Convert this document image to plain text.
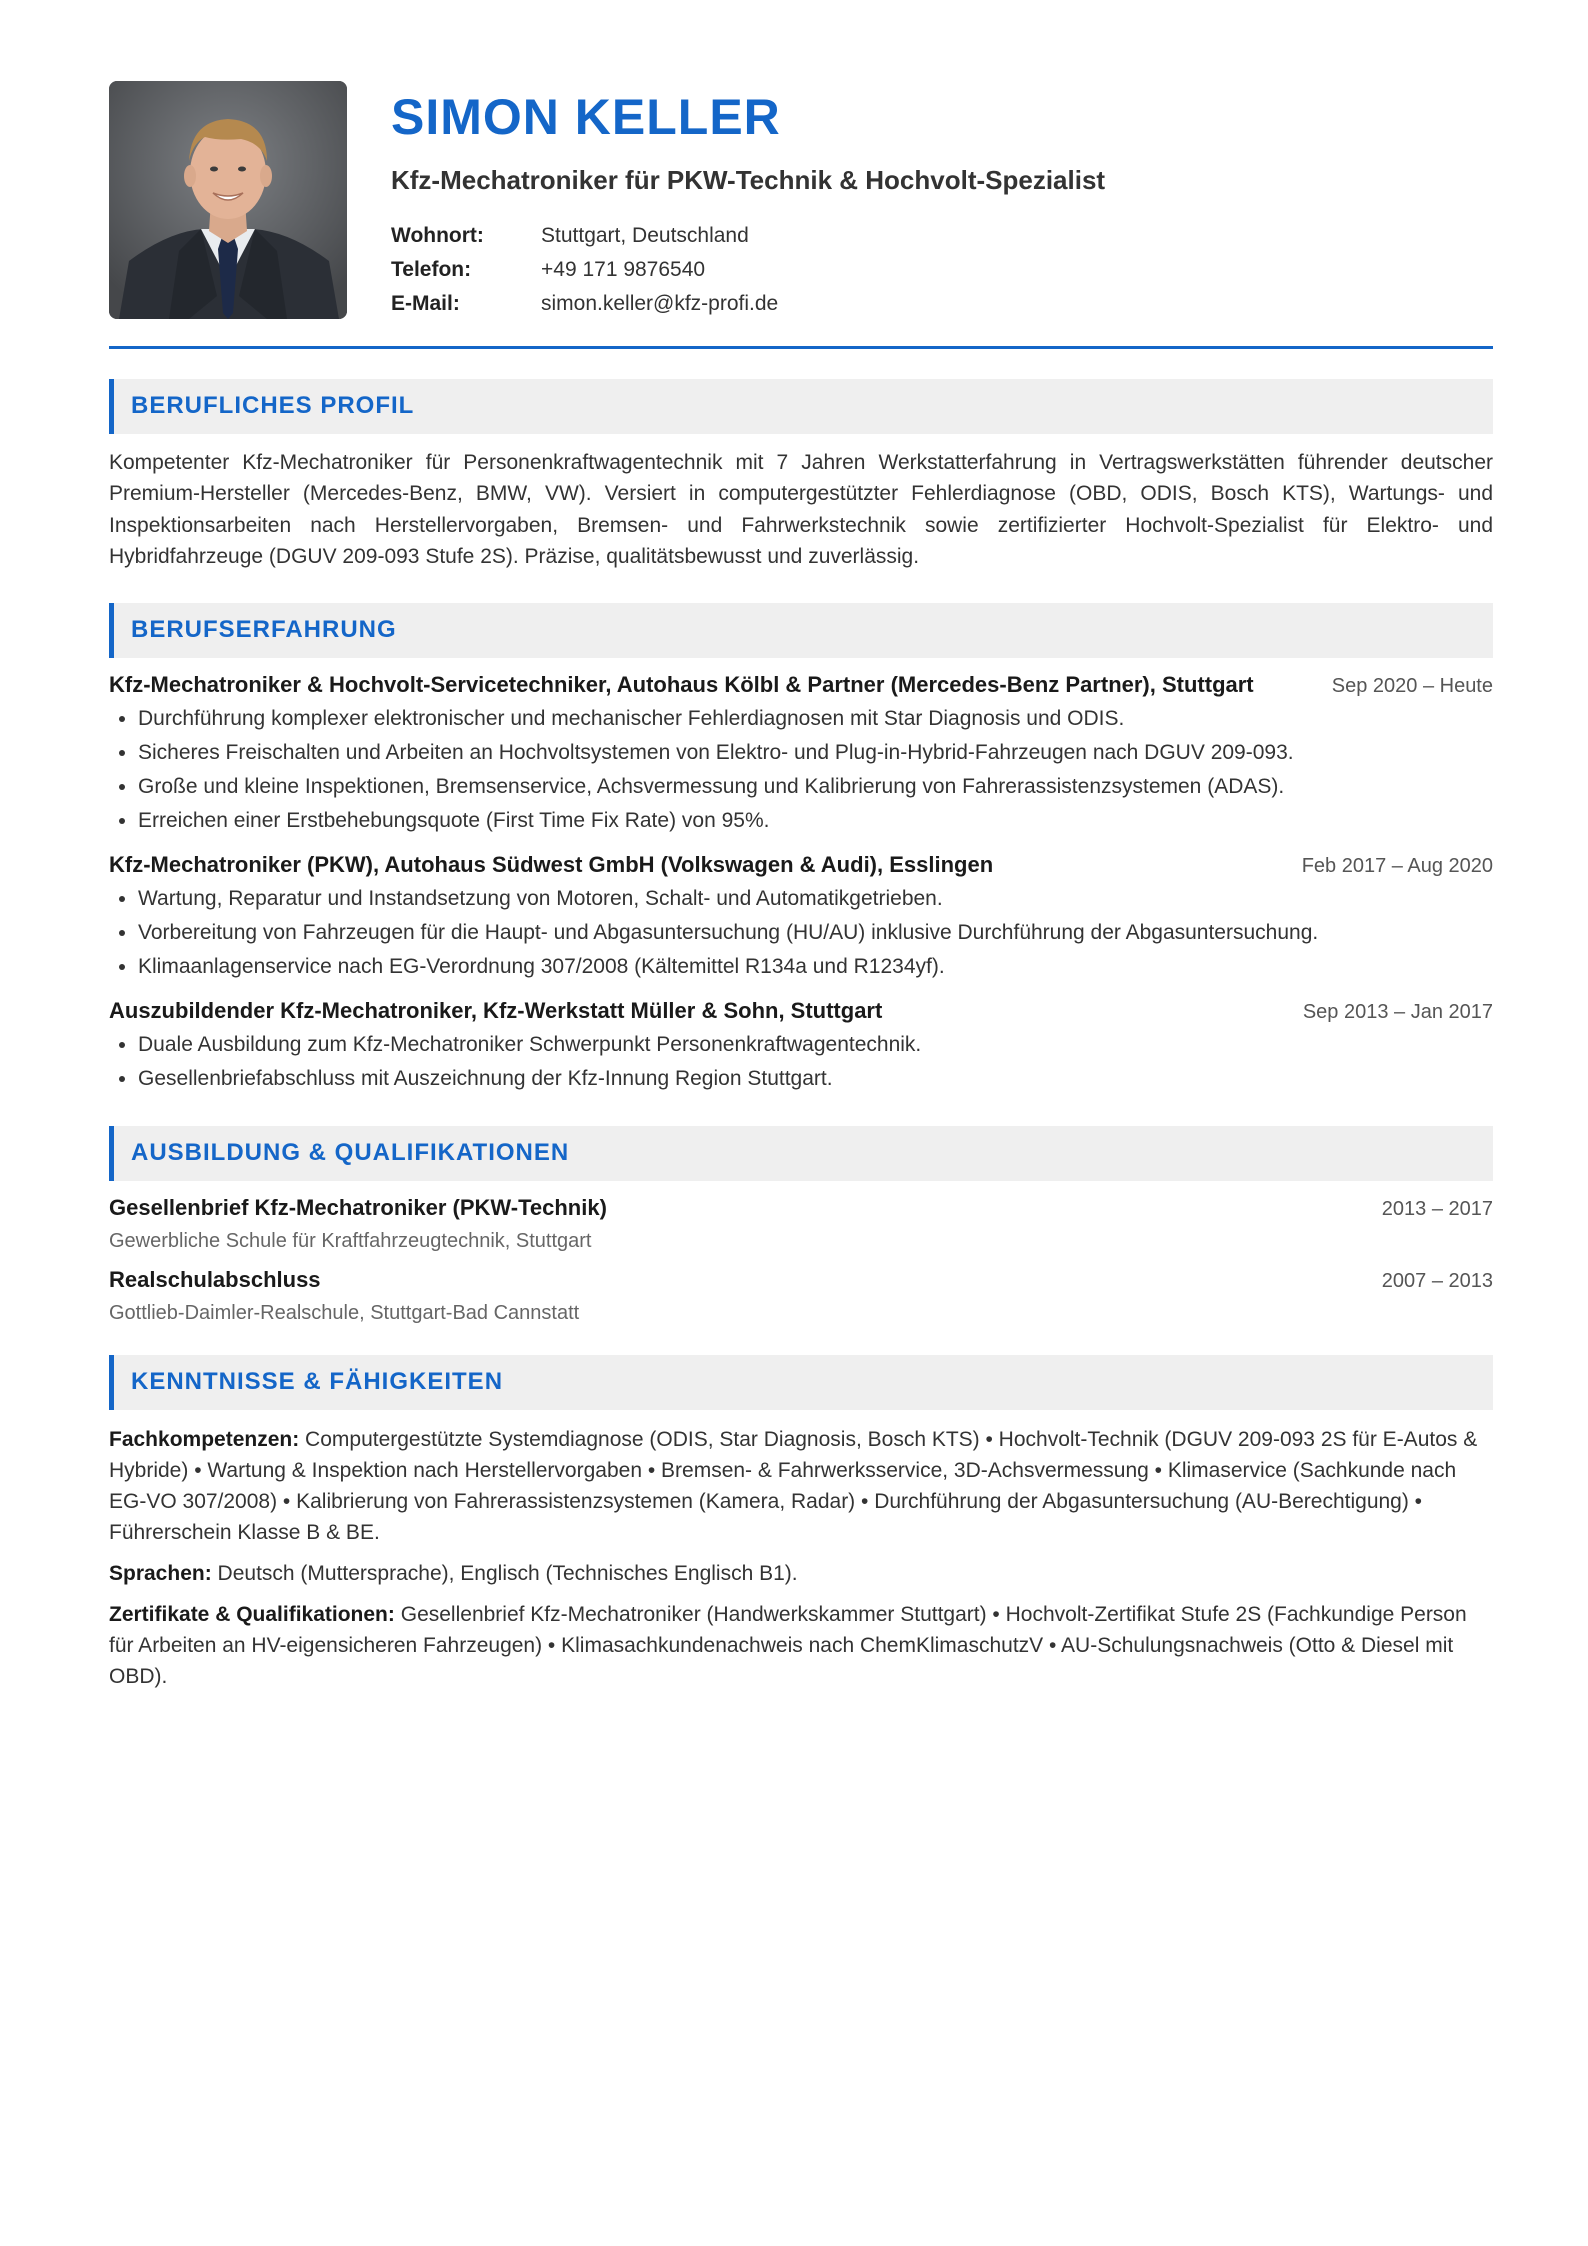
SIMON KELLER
Kfz-Mechatroniker für PKW-Technik & Hochvolt-Spezialist
Wohnort:	Stuttgart, Deutschland
Telefon:	+49 171 9876540
E-Mail:	simon.keller@kfz-profi.de
BERUFLICHES PROFIL
Kompetenter Kfz-Mechatroniker für Personenkraftwagentechnik mit 7 Jahren Werkstatterfahrung in Vertragswerkstätten führender deutscher Premium-Hersteller (Mercedes-Benz, BMW, VW). Versiert in computergestützter Fehlerdiagnose (OBD, ODIS, Bosch KTS), Wartungs- und Inspektionsarbeiten nach Herstellervorgaben, Bremsen- und Fahrwerkstechnik sowie zertifizierter Hochvolt-Spezialist für Elektro- und Hybridfahrzeuge (DGUV 209-093 Stufe 2S). Präzise, qualitätsbewusst und zuverlässig.
BERUFSERFAHRUNG
Kfz-Mechatroniker & Hochvolt-Servicetechniker, Autohaus Kölbl & Partner (Mercedes-Benz Partner), Stuttgart	Sep 2020 – Heute
• Durchführung komplexer elektronischer und mechanischer Fehlerdiagnosen mit Star Diagnosis und ODIS.
• Sicheres Freischalten und Arbeiten an Hochvoltsystemen von Elektro- und Plug-in-Hybrid-Fahrzeugen nach DGUV 209-093.
• Große und kleine Inspektionen, Bremsenservice, Achsvermessung und Kalibrierung von Fahrerassistenzsystemen (ADAS).
• Erreichen einer Erstbehebungsquote (First Time Fix Rate) von 95%.
Kfz-Mechatroniker (PKW), Autohaus Südwest GmbH (Volkswagen & Audi), Esslingen	Feb 2017 – Aug 2020
• Wartung, Reparatur und Instandsetzung von Motoren, Schalt- und Automatikgetrieben.
• Vorbereitung von Fahrzeugen für die Haupt- und Abgasuntersuchung (HU/AU) inklusive Durchführung der Abgasuntersuchung.
• Klimaanlagenservice nach EG-Verordnung 307/2008 (Kältemittel R134a und R1234yf).
Auszubildender Kfz-Mechatroniker, Kfz-Werkstatt Müller & Sohn, Stuttgart	Sep 2013 – Jan 2017
• Duale Ausbildung zum Kfz-Mechatroniker Schwerpunkt Personenkraftwagentechnik.
• Gesellenbriefabschluss mit Auszeichnung der Kfz-Innung Region Stuttgart.
AUSBILDUNG & QUALIFIKATIONEN
Gesellenbrief Kfz-Mechatroniker (PKW-Technik)	2013 – 2017
Gewerbliche Schule für Kraftfahrzeugtechnik, Stuttgart
Realschulabschluss	2007 – 2013
Gottlieb-Daimler-Realschule, Stuttgart-Bad Cannstatt
KENNTNISSE & FÄHIGKEITEN
Fachkompetenzen: Computergestützte Systemdiagnose (ODIS, Star Diagnosis, Bosch KTS) • Hochvolt-Technik (DGUV 209-093 2S für E-Autos & Hybride) • Wartung & Inspektion nach Herstellervorgaben • Bremsen- & Fahrwerksservice, 3D-Achsvermessung • Klimaservice (Sachkunde nach EG-VO 307/2008) • Kalibrierung von Fahrerassistenzsystemen (Kamera, Radar) • Durchführung der Abgasuntersuchung (AU-Berechtigung) • Führerschein Klasse B & BE.
Sprachen: Deutsch (Muttersprache), Englisch (Technisches Englisch B1).
Zertifikate & Qualifikationen: Gesellenbrief Kfz-Mechatroniker (Handwerkskammer Stuttgart) • Hochvolt-Zertifikat Stufe 2S (Fachkundige Person für Arbeiten an HV-eigensicheren Fahrzeugen) • Klimasachkundenachweis nach ChemKlimaschutzV • AU-Schulungsnachweis (Otto & Diesel mit OBD).
